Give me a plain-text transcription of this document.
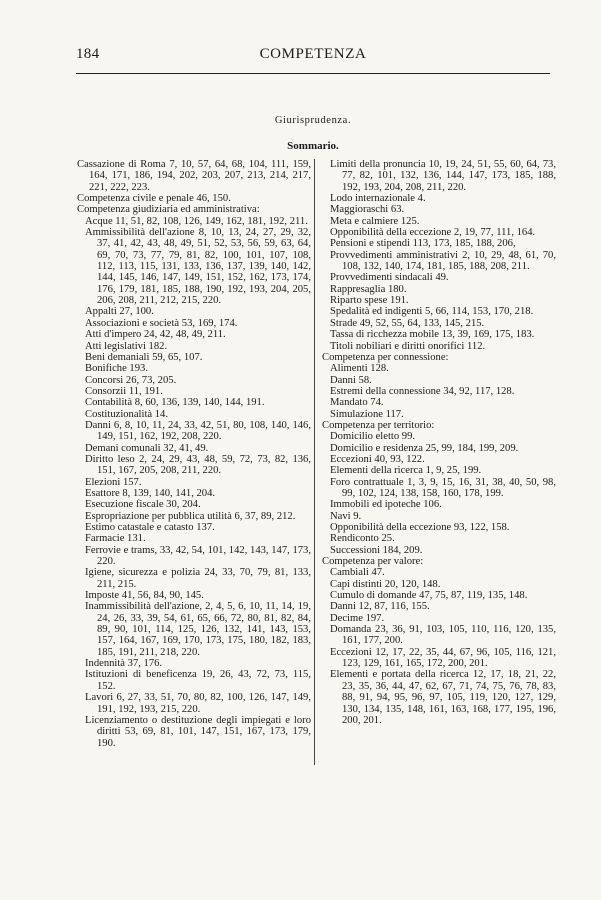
184	COMPETENZA
Giurisprudenza.
Sommario.

Cassazione di Roma 7, 10, 57, 64, 68, 104, 111, 159, 164, 171, 186, 194, 202, 203, 207, 213, 214, 217, 221, 222, 223.

Competenza civile e penale 46, 150.

Competenza giudiziaria ed amministrativa:

Acque 11, 51, 82, 108, 126, 149, 162, 181, 192, 211.

Ammissibilità dell'azione 8, 10, 13, 24, 27, 29, 32, 37, 41, 42, 43, 48, 49, 51, 52, 53, 56, 59, 63, 64, 69, 70, 73, 77, 79, 81, 82, 100, 101, 107, 108, 112, 113, 115, 131, 133, 136, 137, 139, 140, 142, 144, 145, 146, 147, 149, 151, 152, 162, 173, 174, 176, 179, 181, 185, 188, 190, 192, 193, 204, 205, 206, 208, 211, 212, 215, 220.

Appalti 27, 100.

Associazioni e società 53, 169, 174.

Atti d'impero 24, 42, 48, 49, 211.

Atti legislativi 182.

Beni demaniali 59, 65, 107.

Bonifiche 193.

Concorsi 26, 73, 205.

Consorzii 11, 191.

Contabilità 8, 60, 136, 139, 140, 144, 191.

Costituzionalità 14.

Danni 6, 8, 10, 11, 24, 33, 42, 51, 80, 108, 140, 146, 149, 151, 162, 192, 208, 220.

Demani comunali 32, 41, 49.

Diritto leso 2, 24, 29, 43, 48, 59, 72, 73, 82, 136, 151, 167, 205, 208, 211, 220.

Elezioni 157.

Esattore 8, 139, 140, 141, 204.

Esecuzione fiscale 30, 204.

Espropriazione per pubblica utilità 6, 37, 89, 212.

Estimo catastale e catasto 137.

Farmacie 131.

Ferrovie e trams, 33, 42, 54, 101, 142, 143, 147, 173, 220.

Igiene, sicurezza e polizia 24, 33, 70, 79, 81, 133, 211, 215.

Imposte 41, 56, 84, 90, 145.

Inammissibilità dell'azione, 2, 4, 5, 6, 10, 11, 14, 19, 24, 26, 33, 39, 54, 61, 65, 66, 72, 80, 81, 82, 84, 89, 90, 101, 114, 125, 126, 132, 141, 143, 153, 157, 164, 167, 169, 170, 173, 175, 180, 182, 183, 185, 191, 211, 218, 220.

Indennità 37, 176.

Istituzioni di beneficenza 19, 26, 43, 72, 73, 115, 152.

Lavori 6, 27, 33, 51, 70, 80, 82, 100, 126, 147, 149, 191, 192, 193, 215, 220.

Licenziamento o destituzione degli impiegati e loro diritti 53, 69, 81, 101, 147, 151, 167, 173, 179, 190.

Limiti della pronuncia 10, 19, 24, 51, 55, 60, 64, 73, 77, 82, 101, 132, 136, 144, 147, 173, 185, 188, 192, 193, 204, 208, 211, 220.

Lodo internazionale 4.

Maggioraschi 63.

Meta e calmiere 125.

Opponibilità della eccezione 2, 19, 77, 111, 164.

Pensioni e stipendi 113, 173, 185, 188, 206,

Provvedimenti amministrativi 2, 10, 29, 48, 61, 70, 108, 132, 140, 174, 181, 185, 188, 208, 211.

Provvedimenti sindacali 49.

Rappresaglia 180.

Riparto spese 191.

Spedalità ed indigenti 5, 66, 114, 153, 170, 218.

Strade 49, 52, 55, 64, 133, 145, 215.

Tassa di ricchezza mobile 13, 39, 169, 175, 183.

Titoli nobiliari e diritti onorifici 112.

Competenza per connessione:

Alimenti 128.

Danni 58.

Estremi della connessione 34, 92, 117, 128.

Mandato 74.

Simulazione 117.

Competenza per territorio:

Domicilio eletto 99.

Domicilio e residenza 25, 99, 184, 199, 209.

Eccezioni 40, 93, 122.

Elementi della ricerca 1, 9, 25, 199.

Foro contrattuale 1, 3, 9, 15, 16, 31, 38, 40, 50, 98, 99, 102, 124, 138, 158, 160, 178, 199.

Immobili ed ipoteche 106.

Navi 9.

Opponibilità della eccezione 93, 122, 158.

Rendiconto 25.

Successioni 184, 209.

Competenza per valore:

Cambiali 47.

Capi distinti 20, 120, 148.

Cumulo di domande 47, 75, 87, 119, 135, 148.

Danni 12, 87, 116, 155.

Decime 197.

Domanda 23, 36, 91, 103, 105, 110, 116, 120, 135, 161, 177, 200.

Eccezioni 12, 17, 22, 35, 44, 67, 96, 105, 116, 121, 123, 129, 161, 165, 172, 200, 201.

Elementi e portata della ricerca 12, 17, 18, 21, 22, 23, 35, 36, 44, 47, 62, 67, 71, 74, 75, 76, 78, 83, 88, 91, 94, 95, 96, 97, 105, 119, 120, 127, 129, 130, 134, 135, 148, 161, 163, 168, 177, 195, 196, 200, 201.
